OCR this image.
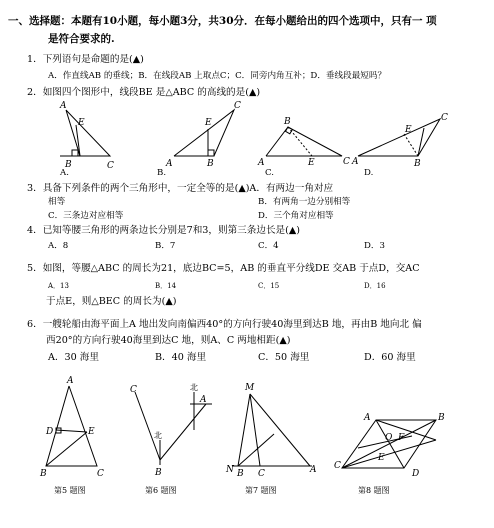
一、选择题：本题有10小题，每小题3分，共30分．在每小题给出的四个选项中，只有一 项
是符合要求的.
1．下列语句是命题的是(▲)
A．作直线AB 的垂线；B．在线段AB 上取点C；C．同旁内角互补；D．垂线段最短吗？
2．如图四个图形中，线段BE 是△ABC 的高线的是(▲)
A.	B.	C.	D.
3．具备下列条件的两个三角形中，一定全等的是(▲)A．有两边一角对应
相等	B．有两角一边分别相等
C．三条边对应相等	D．三个角对应相等
4．已知等腰三角形的两条边长分别是7和3，则第三条边长是(▲)
A．8	B．7	C．4	D．3
5．如图，等腰△ABC 的周长为21，底边BC=5，AB 的垂直平分线DE 交AB 于点D，交AC
A．13	B．14	C．15	D．16
于点E，则△BEC 的周长为(▲)
6．一艘轮船由海平面上A 地出发向南偏西40°的方向行驶40海里到达B 地，再由B 地向北 偏
西20°的方向行驶40海里到达C 地，则A、C 两地相距(▲)
A．30 海里	B．40 海里	C．50 海里	D．60 海里
A
E
B	C
C
E
A	B
B
A	E	C
C
E
A	B
A
D	E
B	C
C
北
北
A
B
M
N B C	A
A	B
O F
E
C
D
第5 题图	第6 题图	第7 题图	第8 题图
